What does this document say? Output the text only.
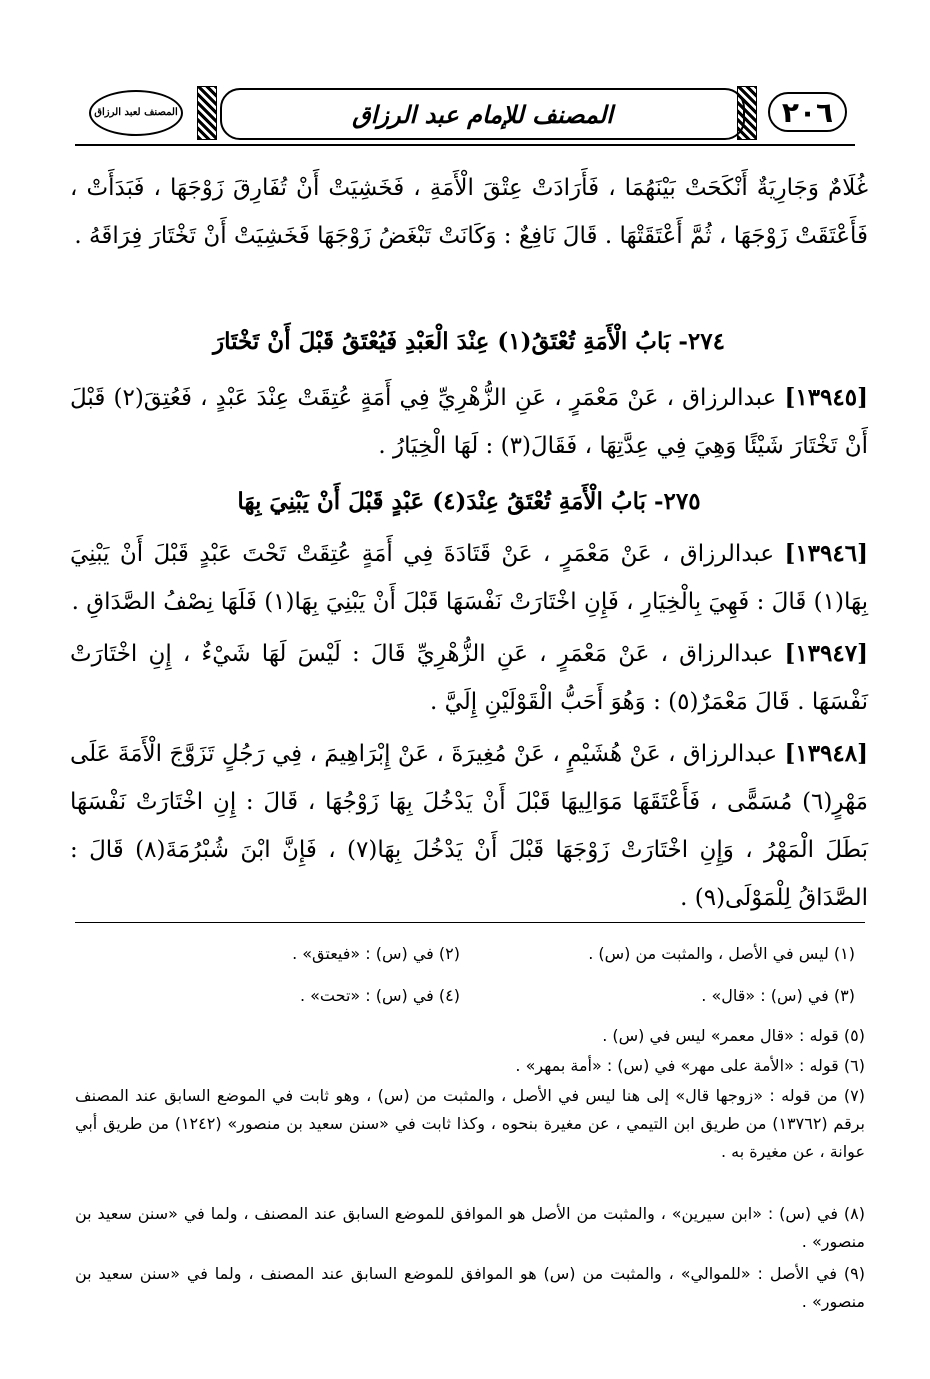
٢٠٦
المصنف للإمام عبد الرزاق
المصنف لعبد الرزاق
غُلَامٌ وَجَارِيَةٌ أَنْكَحَتْ بَيْنَهُمَا ، فَأَرَادَتْ عِتْقَ الْأَمَةِ ، فَخَشِيَتْ أَنْ تُفَارِقَ زَوْجَهَا ، فَبَدَأَتْ ، فَأَعْتَقَتْ زَوْجَهَا ، ثُمَّ أَعْتَقَتْهَا . قَالَ نَافِعٌ : وَكَانَتْ تَبْغَضُ زَوْجَهَا فَخَشِيَتْ أَنْ تَخْتَارَ فِرَاقَهُ .
٢٧٤- بَابُ الْأَمَةِ تُعْتَقُ(١) عِنْدَ الْعَبْدِ فَيُعْتَقُ قَبْلَ أَنْ تَخْتَارَ
[١٣٩٤٥] عبدالرزاق ، عَنْ مَعْمَرٍ ، عَنِ الزُّهْرِيِّ فِي أَمَةٍ عُتِقَتْ عِنْدَ عَبْدٍ ، فَعُتِقَ(٢) قَبْلَ أَنْ تَخْتَارَ شَيْئًا وَهِيَ فِي عِدَّتِهَا ، فَقَالَ(٣) : لَهَا الْخِيَارُ .
٢٧٥- بَابُ الْأَمَةِ تُعْتَقُ عِنْدَ(٤) عَبْدٍ قَبْلَ أَنْ يَبْنِيَ بِهَا
[١٣٩٤٦] عبدالرزاق ، عَنْ مَعْمَرٍ ، عَنْ قَتَادَةَ فِي أَمَةٍ عُتِقَتْ تَحْتَ عَبْدٍ قَبْلَ أَنْ يَبْنِيَ بِهَا(١) قَالَ : فَهِيَ بِالْخِيَارِ ، فَإِنِ اخْتَارَتْ نَفْسَهَا قَبْلَ أَنْ يَبْنِيَ بِهَا(١) فَلَهَا نِصْفُ الصَّدَاقِ .
[١٣٩٤٧] عبدالرزاق ، عَنْ مَعْمَرٍ ، عَنِ الزُّهْرِيِّ قَالَ : لَيْسَ لَهَا شَيْءٌ ، إِنِ اخْتَارَتْ نَفْسَهَا . قَالَ مَعْمَرٌ(٥) : وَهُوَ أَحَبُّ الْقَوْلَيْنِ إِلَيَّ .
[١٣٩٤٨] عبدالرزاق ، عَنْ هُشَيْمٍ ، عَنْ مُغِيرَةَ ، عَنْ إِبْرَاهِيمَ ، فِي رَجُلٍ تَزَوَّجَ الْأَمَةَ عَلَى مَهْرٍ(٦) مُسَمًّى ، فَأَعْتَقَهَا مَوَالِيهَا قَبْلَ أَنْ يَدْخُلَ بِهَا زَوْجُهَا ، قَالَ : إِنِ اخْتَارَتْ نَفْسَهَا بَطَلَ الْمَهْرُ ، وَإِنِ اخْتَارَتْ زَوْجَهَا قَبْلَ أَنْ يَدْخُلَ بِهَا(٧) ، فَإِنَّ ابْنَ شُبْرُمَةَ(٨) قَالَ : الصَّدَاقُ لِلْمَوْلَى(٩) .
(١) ليس في الأصل ، والمثبت من (س) .
(٢) في (س) : «فيعتق» .
(٣) في (س) : «قال» .
(٤) في (س) : «تحت» .
(٥) قوله : «قال معمر» ليس في (س) .
(٦) قوله : «الأمة على مهر» في (س) : «أمة بمهر» .
(٧) من قوله : «زوجها قال» إلى هنا ليس في الأصل ، والمثبت من (س) ، وهو ثابت في الموضع السابق عند المصنف برقم (١٣٧٦٢) من طريق ابن التيمي ، عن مغيرة بنحوه ، وكذا ثابت في «سنن سعيد بن منصور» (١٢٤٢) من طريق أبي عوانة ، عن مغيرة به .
(٨) في (س) : «ابن سيرين» ، والمثبت من الأصل هو الموافق للموضع السابق عند المصنف ، ولما في «سنن سعيد بن منصور» .
(٩) في الأصل : «للموالي» ، والمثبت من (س) هو الموافق للموضع السابق عند المصنف ، ولما في «سنن سعيد بن منصور» .
